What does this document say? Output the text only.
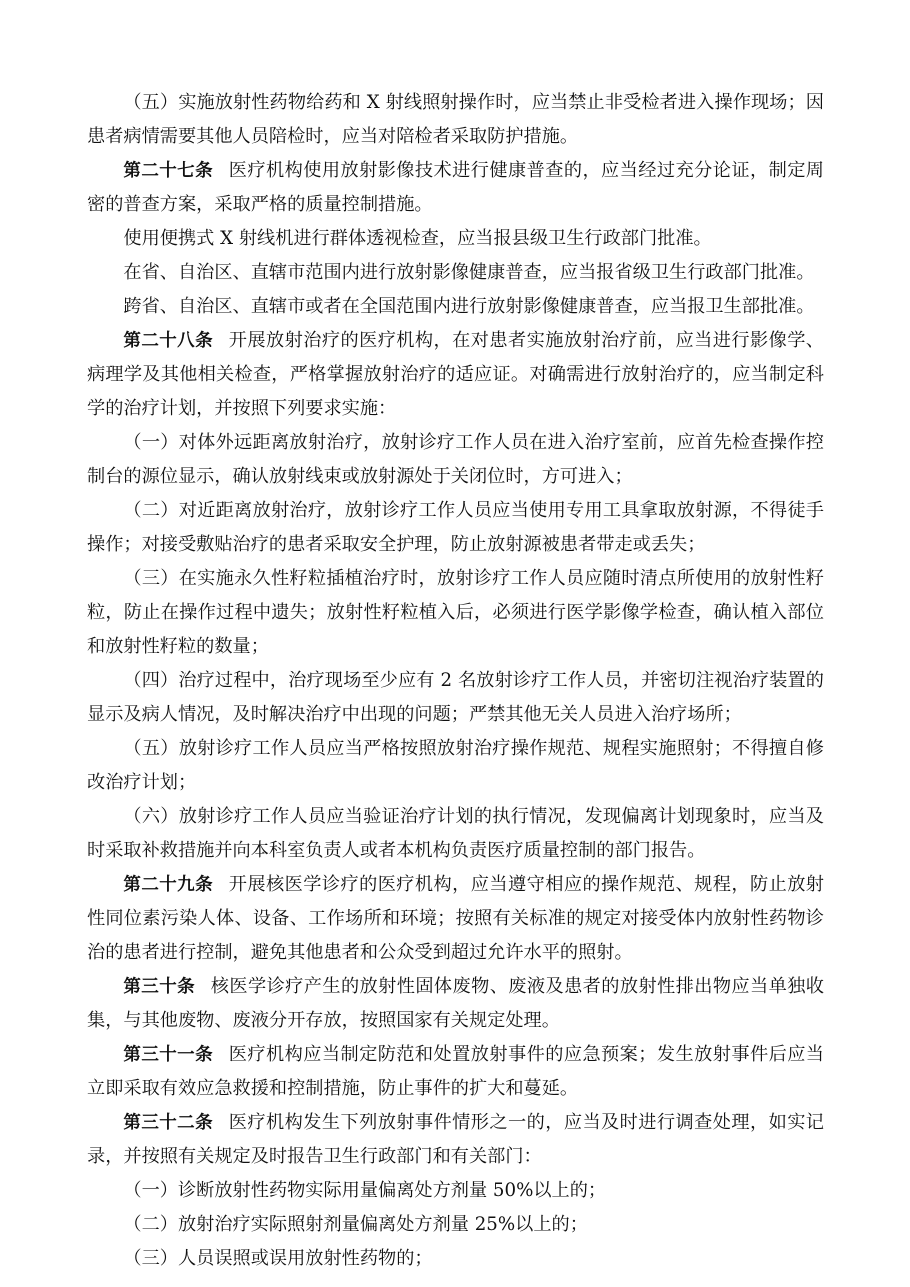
（五）实施放射性药物给药和 X 射线照射操作时，应当禁止非受检者进入操作现场；因患者病情需要其他人员陪检时，应当对陪检者采取防护措施。

第二十七条 医疗机构使用放射影像技术进行健康普查的，应当经过充分论证，制定周密的普查方案，采取严格的质量控制措施。

使用便携式 X 射线机进行群体透视检查，应当报县级卫生行政部门批准。

在省、自治区、直辖市范围内进行放射影像健康普查，应当报省级卫生行政部门批准。

跨省、自治区、直辖市或者在全国范围内进行放射影像健康普查，应当报卫生部批准。

第二十八条 开展放射治疗的医疗机构，在对患者实施放射治疗前，应当进行影像学、病理学及其他相关检查，严格掌握放射治疗的适应证。对确需进行放射治疗的，应当制定科学的治疗计划，并按照下列要求实施：

（一）对体外远距离放射治疗，放射诊疗工作人员在进入治疗室前，应首先检查操作控制台的源位显示，确认放射线束或放射源处于关闭位时，方可进入；

（二）对近距离放射治疗，放射诊疗工作人员应当使用专用工具拿取放射源，不得徒手操作；对接受敷贴治疗的患者采取安全护理，防止放射源被患者带走或丢失；

（三）在实施永久性籽粒插植治疗时，放射诊疗工作人员应随时清点所使用的放射性籽粒，防止在操作过程中遗失；放射性籽粒植入后，必须进行医学影像学检查，确认植入部位和放射性籽粒的数量；

（四）治疗过程中，治疗现场至少应有 2 名放射诊疗工作人员，并密切注视治疗装置的显示及病人情况，及时解决治疗中出现的问题；严禁其他无关人员进入治疗场所；

（五）放射诊疗工作人员应当严格按照放射治疗操作规范、规程实施照射；不得擅自修改治疗计划；

（六）放射诊疗工作人员应当验证治疗计划的执行情况，发现偏离计划现象时，应当及时采取补救措施并向本科室负责人或者本机构负责医疗质量控制的部门报告。

第二十九条 开展核医学诊疗的医疗机构，应当遵守相应的操作规范、规程，防止放射性同位素污染人体、设备、工作场所和环境；按照有关标准的规定对接受体内放射性药物诊治的患者进行控制，避免其他患者和公众受到超过允许水平的照射。

第三十条 核医学诊疗产生的放射性固体废物、废液及患者的放射性排出物应当单独收集，与其他废物、废液分开存放，按照国家有关规定处理。

第三十一条 医疗机构应当制定防范和处置放射事件的应急预案；发生放射事件后应当立即采取有效应急救援和控制措施，防止事件的扩大和蔓延。

第三十二条 医疗机构发生下列放射事件情形之一的，应当及时进行调查处理，如实记录，并按照有关规定及时报告卫生行政部门和有关部门：

（一）诊断放射性药物实际用量偏离处方剂量 50%以上的；

（二）放射治疗实际照射剂量偏离处方剂量 25%以上的；

（三）人员误照或误用放射性药物的；
